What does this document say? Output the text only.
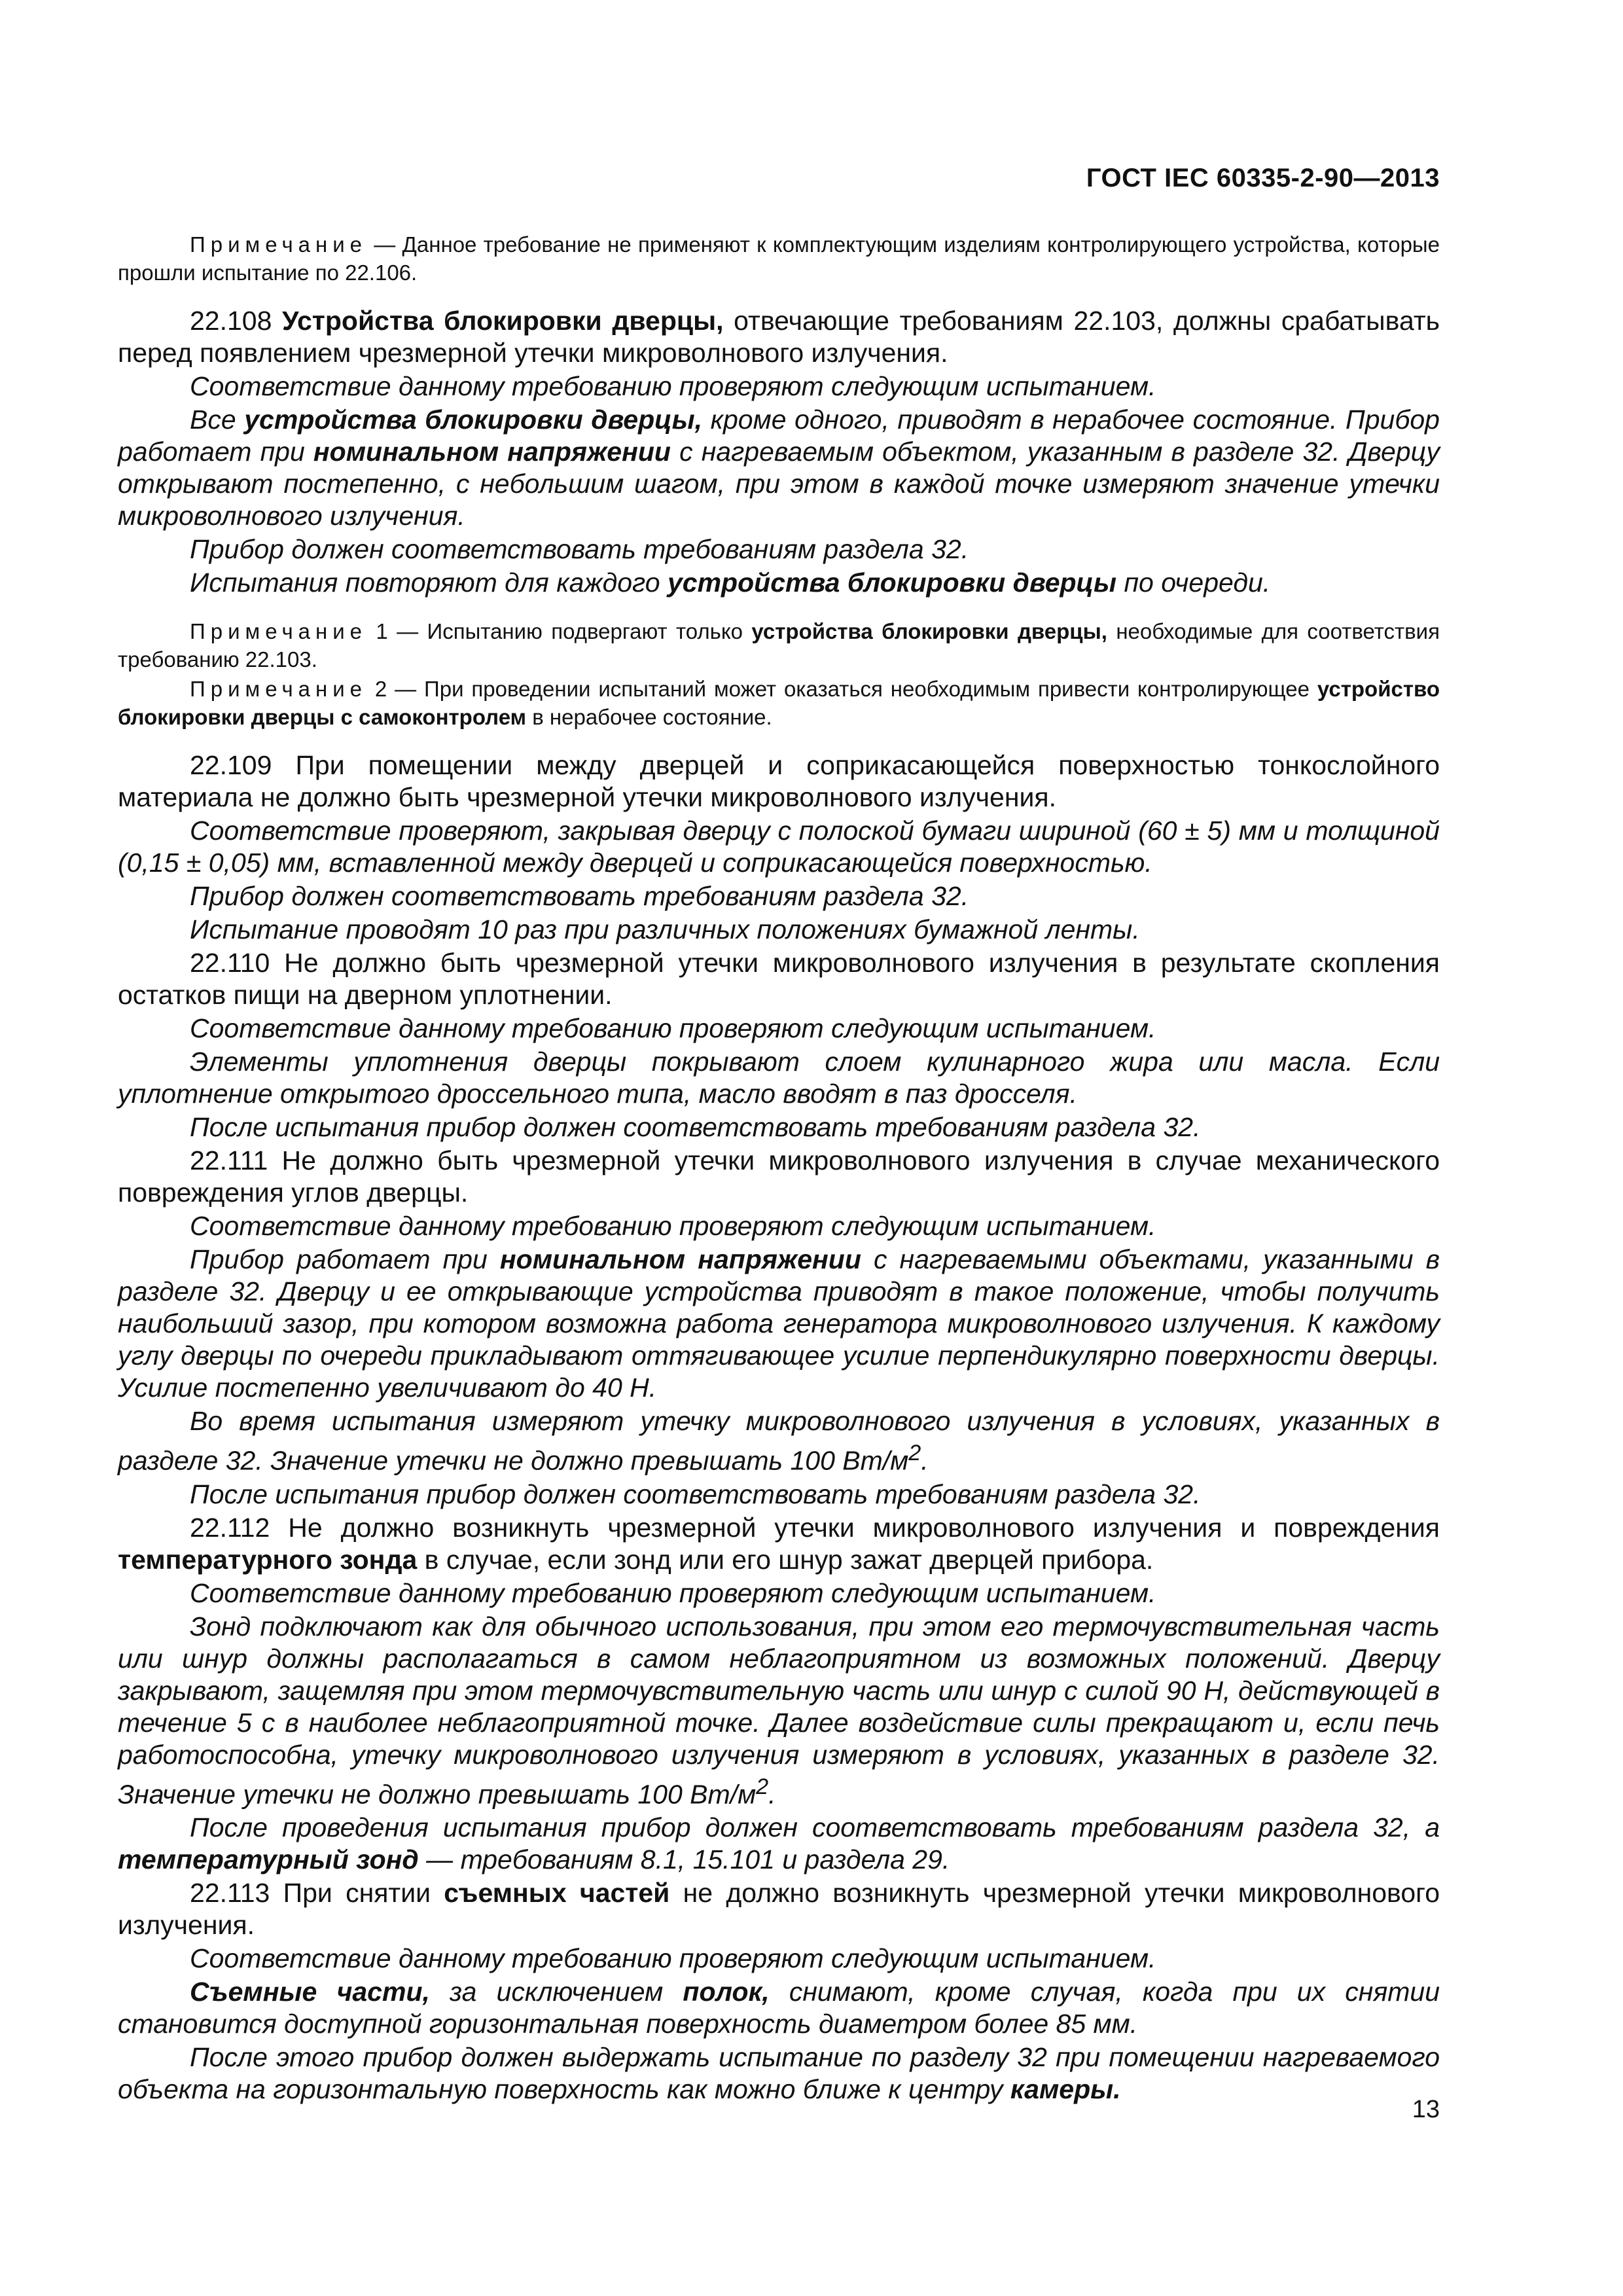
ГОСТ IEC 60335-2-90—2013

Примечание — Данное требование не применяют к комплектующим изделиям контролирующего устройства, которые прошли испытание по 22.106.

22.108 Устройства блокировки дверцы, отвечающие требованиям 22.103, должны срабатывать перед появлением чрезмерной утечки микроволнового излучения.

Соответствие данному требованию проверяют следующим испытанием.

Все устройства блокировки дверцы, кроме одного, приводят в нерабочее состояние. Прибор работает при номинальном напряжении с нагреваемым объектом, указанным в разделе 32. Дверцу открывают постепенно, с небольшим шагом, при этом в каждой точке измеряют значение утечки микроволнового излучения.

Прибор должен соответствовать требованиям раздела 32.

Испытания повторяют для каждого устройства блокировки дверцы по очереди.

Примечание 1 — Испытанию подвергают только устройства блокировки дверцы, необходимые для соответствия требованию 22.103.

Примечание 2 — При проведении испытаний может оказаться необходимым привести контролирующее устройство блокировки дверцы с самоконтролем в нерабочее состояние.

22.109 При помещении между дверцей и соприкасающейся поверхностью тонкослойного материала не должно быть чрезмерной утечки микроволнового излучения.

Соответствие проверяют, закрывая дверцу с полоской бумаги шириной (60 ± 5) мм и толщиной (0,15 ± 0,05) мм, вставленной между дверцей и соприкасающейся поверхностью.

Прибор должен соответствовать требованиям раздела 32.

Испытание проводят 10 раз при различных положениях бумажной ленты.

22.110 Не должно быть чрезмерной утечки микроволнового излучения в результате скопления остатков пищи на дверном уплотнении.

Соответствие данному требованию проверяют следующим испытанием.

Элементы уплотнения дверцы покрывают слоем кулинарного жира или масла. Если уплотнение открытого дроссельного типа, масло вводят в паз дросселя.

После испытания прибор должен соответствовать требованиям раздела 32.

22.111 Не должно быть чрезмерной утечки микроволнового излучения в случае механического повреждения углов дверцы.

Соответствие данному требованию проверяют следующим испытанием.

Прибор работает при номинальном напряжении с нагреваемыми объектами, указанными в разделе 32. Дверцу и ее открывающие устройства приводят в такое положение, чтобы получить наибольший зазор, при котором возможна работа генератора микроволнового излучения. К каждому углу дверцы по очереди прикладывают оттягивающее усилие перпендикулярно поверхности дверцы. Усилие постепенно увеличивают до 40 Н.

Во время испытания измеряют утечку микроволнового излучения в условиях, указанных в разделе 32. Значение утечки не должно превышать 100 $Вт/м^2$.

После испытания прибор должен соответствовать требованиям раздела 32.

22.112 Не должно возникнуть чрезмерной утечки микроволнового излучения и повреждения температурного зонда в случае, если зонд или его шнур зажат дверцей прибора.

Соответствие данному требованию проверяют следующим испытанием.

Зонд подключают как для обычного использования, при этом его термочувствительная часть или шнур должны располагаться в самом неблагоприятном из возможных положений. Дверцу закрывают, защемляя при этом термочувствительную часть или шнур с силой 90 Н, действующей в течение 5 с в наиболее неблагоприятной точке. Далее воздействие силы прекращают и, если печь работоспособна, утечку микроволнового излучения измеряют в условиях, указанных в разделе 32. Значение утечки не должно превышать 100 $Вт/м^2$.

После проведения испытания прибор должен соответствовать требованиям раздела 32, а температурный зонд — требованиям 8.1, 15.101 и раздела 29.

22.113 При снятии съемных частей не должно возникнуть чрезмерной утечки микроволнового излучения.

Соответствие данному требованию проверяют следующим испытанием.

Съемные части, за исключением полок, снимают, кроме случая, когда при их снятии становится доступной горизонтальная поверхность диаметром более 85 мм.

После этого прибор должен выдержать испытание по разделу 32 при помещении нагреваемого объекта на горизонтальную поверхность как можно ближе к центру камеры.

13
